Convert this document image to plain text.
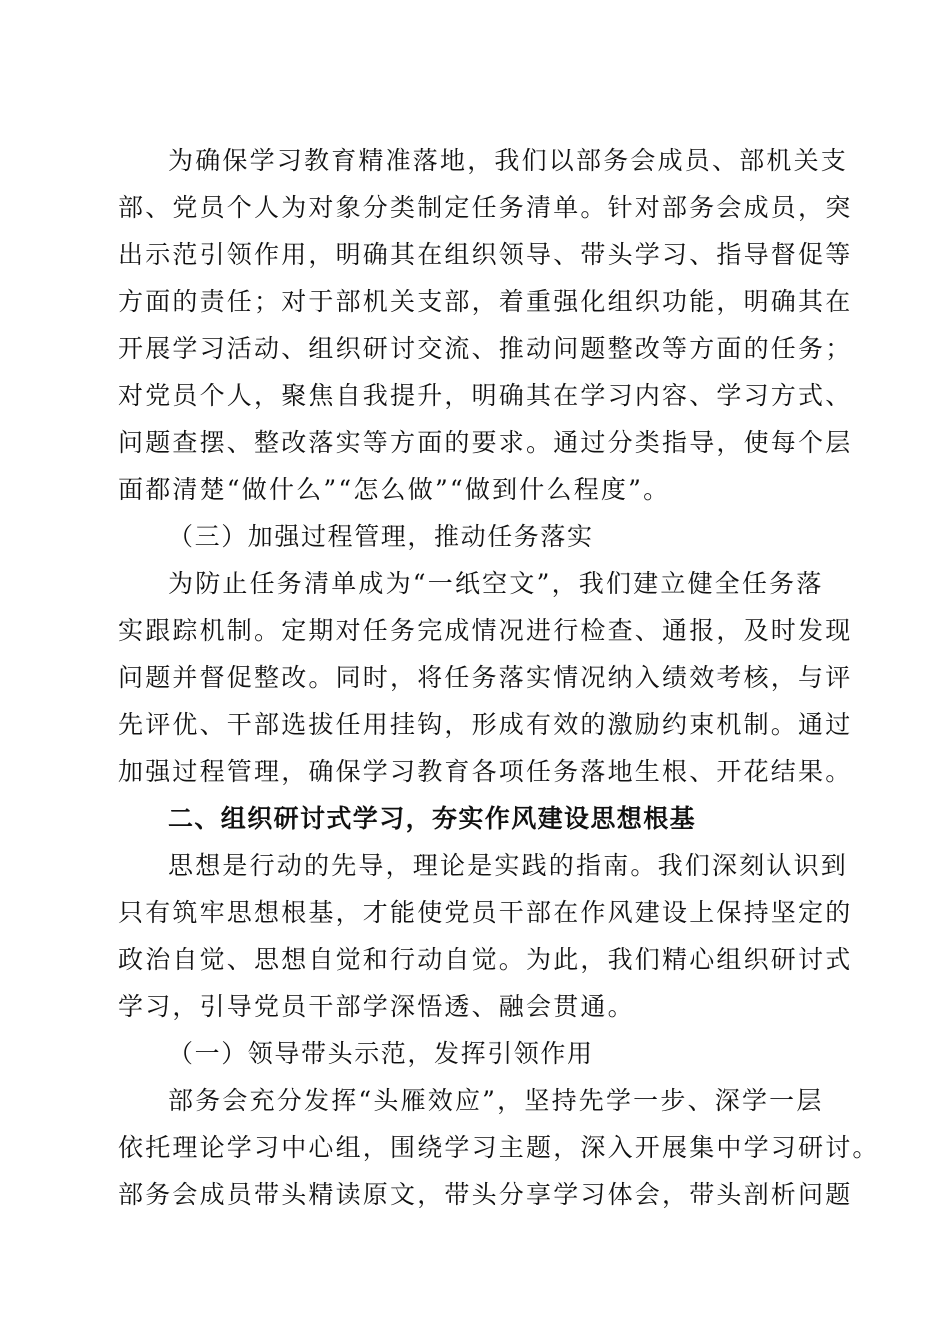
为确保学习教育精准落地，我们以部务会成员、部机关支
部、党员个人为对象分类制定任务清单。针对部务会成员，突
出示范引领作用，明确其在组织领导、带头学习、指导督促等
方面的责任；对于部机关支部，着重强化组织功能，明确其在
开展学习活动、组织研讨交流、推动问题整改等方面的任务；
对党员个人，聚焦自我提升，明确其在学习内容、学习方式、
问题查摆、整改落实等方面的要求。通过分类指导，使每个层
面都清楚“做什么”“怎么做”“做到什么程度”。
（三）加强过程管理，推动任务落实
为防止任务清单成为“一纸空文”，我们建立健全任务落
实跟踪机制。定期对任务完成情况进行检查、通报，及时发现
问题并督促整改。同时，将任务落实情况纳入绩效考核，与评
先评优、干部选拔任用挂钩，形成有效的激励约束机制。通过
加强过程管理，确保学习教育各项任务落地生根、开花结果。
二、组织研讨式学习，夯实作风建设思想根基
思想是行动的先导，理论是实践的指南。我们深刻认识到
只有筑牢思想根基，才能使党员干部在作风建设上保持坚定的
政治自觉、思想自觉和行动自觉。为此，我们精心组织研讨式
学习，引导党员干部学深悟透、融会贯通。
（一）领导带头示范，发挥引领作用
部务会充分发挥“头雁效应”，坚持先学一步、深学一层
依托理论学习中心组，围绕学习主题，深入开展集中学习研讨。
部务会成员带头精读原文，带头分享学习体会，带头剖析问题
